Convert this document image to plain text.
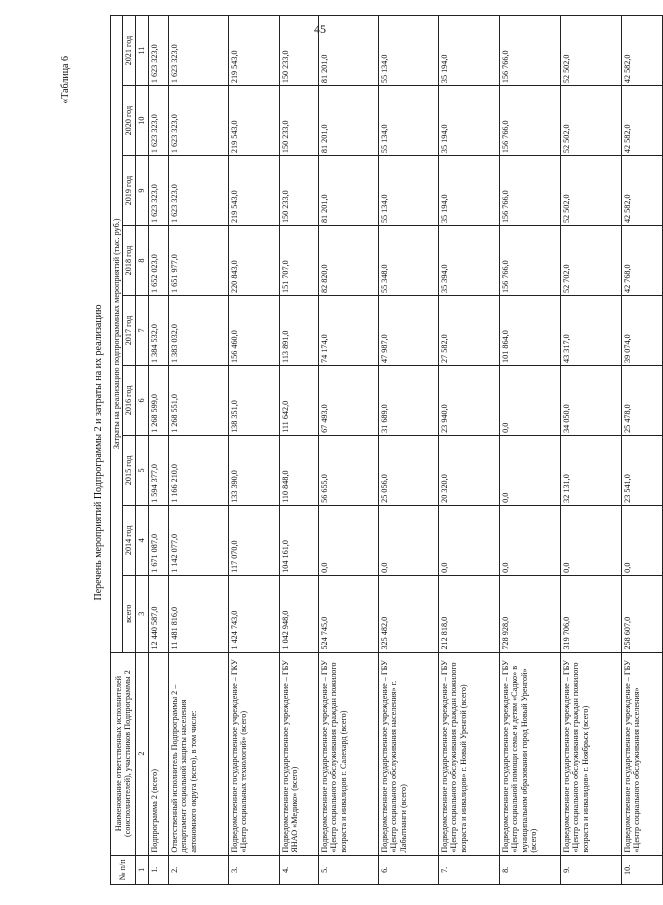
45
«Таблица 6
Перечень мероприятий Подпрограммы 2 и затраты на их реализацию
№ п/п	Наименование ответственных исполнителей (соисполнителей), участников Подпрограммы 2	Затраты на реализацию подпрограммных мероприятий (тыс. руб.)								
		всего	2014 год	2015 год	2016 год	2017 год	2018 год	2019 год	2020 год	2021 год
1	2	3	4	5	6	7	8	9	10	11
1.	Подпрограмма 2 (всего)	12 440 587,0	1 671 087,0	1 594 377,0	1 268 599,0	1 384 532,0	1 652 023,0	1 623 323,0	1 623 323,0	1 623 323,0
2.	Ответственный исполнитель Подпрограммы 2 – департамент социальной защиты населения автономного округа (всего), в том числе:	11 481 816,0	1 142 077,0	1 166 210,0	1 268 551,0	1 383 032,0	1 651 977,0	1 623 323,0	1 623 323,0	1 623 323,0
3.	Подведомственное государственное учреждение – ГКУ «Центр социальных технологий» (всего)	1 424 743,0	117 070,0	133 390,0	138 351,0	156 460,0	220 843,0	219 543,0	219 543,0	219 543,0
4.	Подведомственное государственное учреждение – ГБУ ЯНАО «Медико» (всего)	1 042 948,0	104 161,0	110 848,0	111 642,0	113 891,0	151 707,0	150 233,0	150 233,0	150 233,0
5.	Подведомственное государственное учреждение – ГБУ «Центр социального обслуживания граждан пожилого возраста и инвалидов г. Салехард (всего)	524 745,0	0,0	56 655,0	67 493,0	74 174,0	82 820,0	81 201,0	81 201,0	81 201,0
6.	Подведомственное государственное учреждение – ГБУ «Центр социального обслуживания населения» г. Лабытнанги (всего)	325 482,0	0,0	25 056,0	31 689,0	47 987,0	55 348,0	55 134,0	55 134,0	55 134,0
7.	Подведомственное государственное учреждение – ГБУ «Центр социального обслуживания граждан пожилого возраста и инвалидов» г. Новый Уренгой (всего)	212 818,0	0,0	20 320,0	23 940,0	27 582,0	35 394,0	35 194,0	35 194,0	35 194,0
8.	Подведомственное государственное учреждение – ГБУ «Центр социальной помощи семье и детям «Садко» в муниципальном образовании город Новый Уренгой» (всего)	728 928,0	0,0	0,0	0,0	101 864,0	156 766,0	156 766,0	156 766,0	156 766,0
9.	Подведомственное государственное учреждение – ГБУ «Центр социального обслуживания граждан пожилого возраста и инвалидов» г. Ноябрьск (всего)	319 706,0	0,0	32 131,0	34 050,0	43 317,0	52 702,0	52 502,0	52 502,0	52 502,0
10.	Подведомственное государственное учреждение – ГБУ «Центр социального обслуживания населения»	258 607,0	0,0	23 541,0	25 478,0	39 074,0	42 768,0	42 582,0	42 582,0	42 582,0
